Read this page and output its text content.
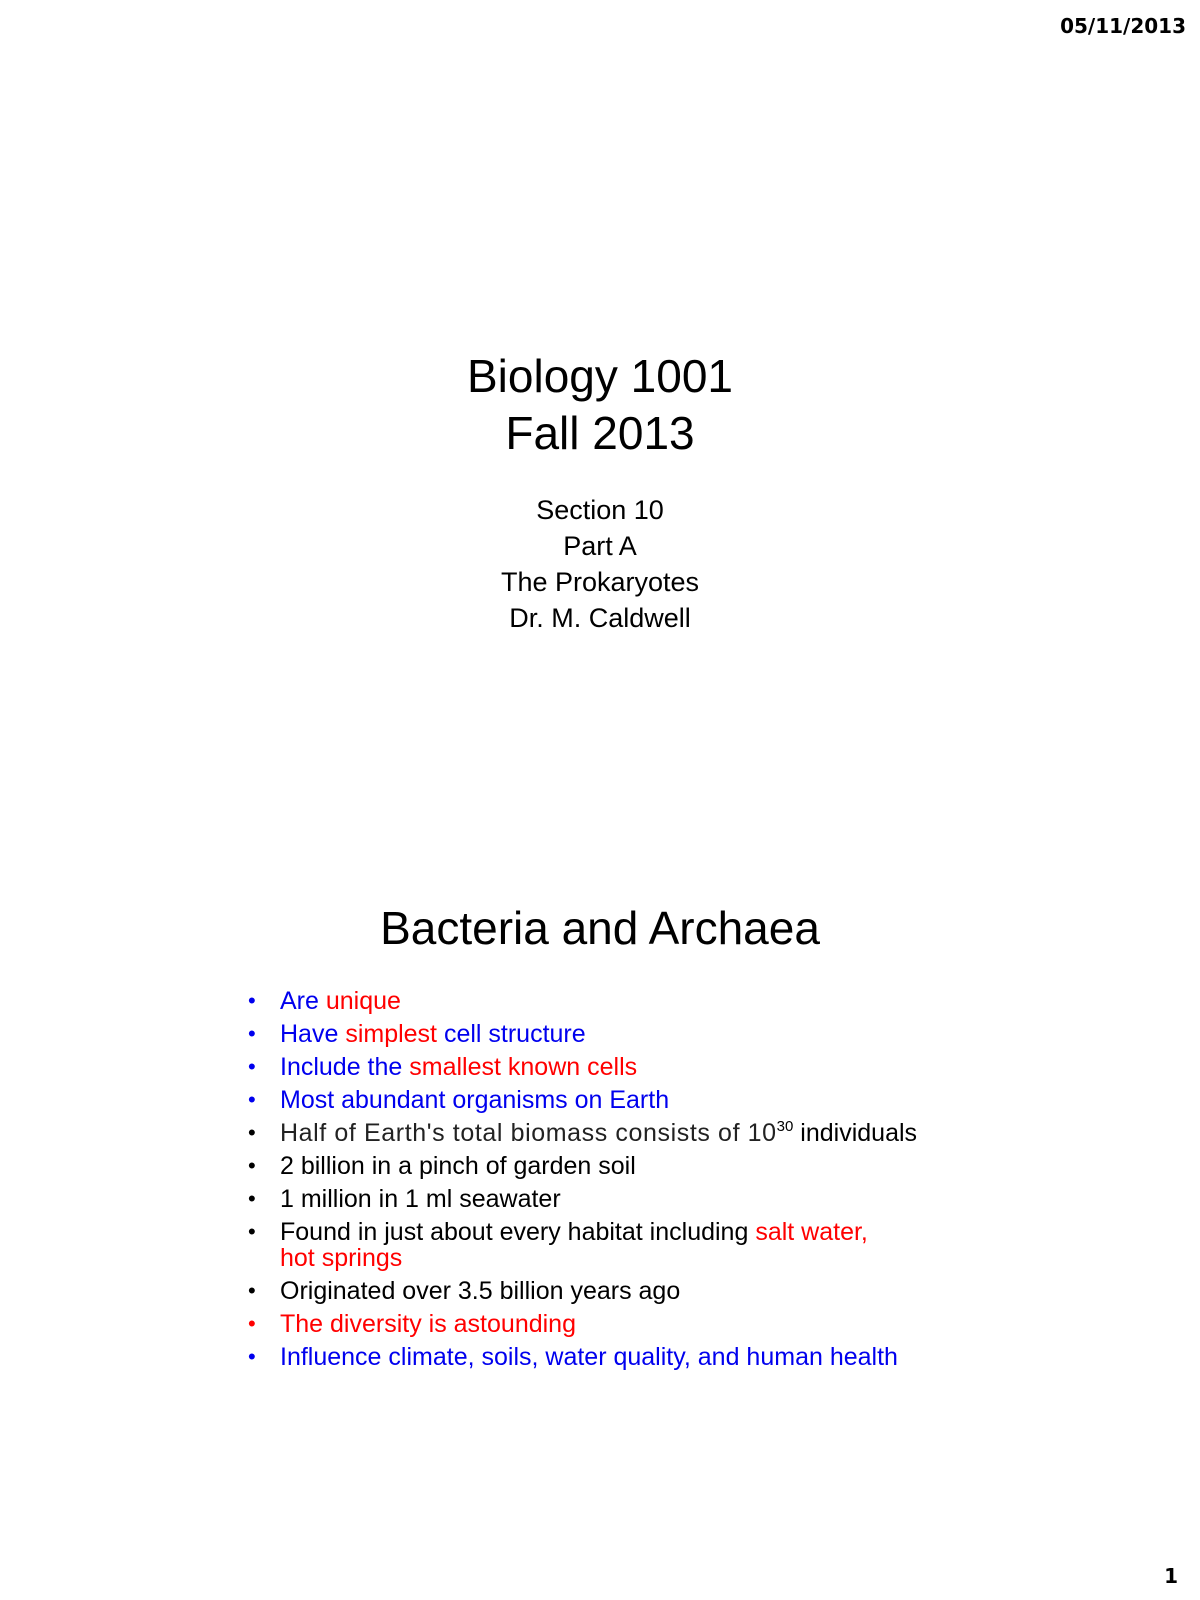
05/11/2013
Biology 1001
Fall 2013
Section 10
Part A
The Prokaryotes
Dr. M. Caldwell
Bacteria and Archaea
• Are unique
• Have simplest cell structure
• Include the smallest known cells
• Most abundant organisms on Earth
• Half of Earth's total biomass consists of $10^{30}$ individuals
• 2 billion in a pinch of garden soil
• 1 million in 1 ml seawater
• Found in just about every habitat including salt water,
hot springs
• Originated over 3.5 billion years ago
• The diversity is astounding
• Influence climate, soils, water quality, and human health
1
